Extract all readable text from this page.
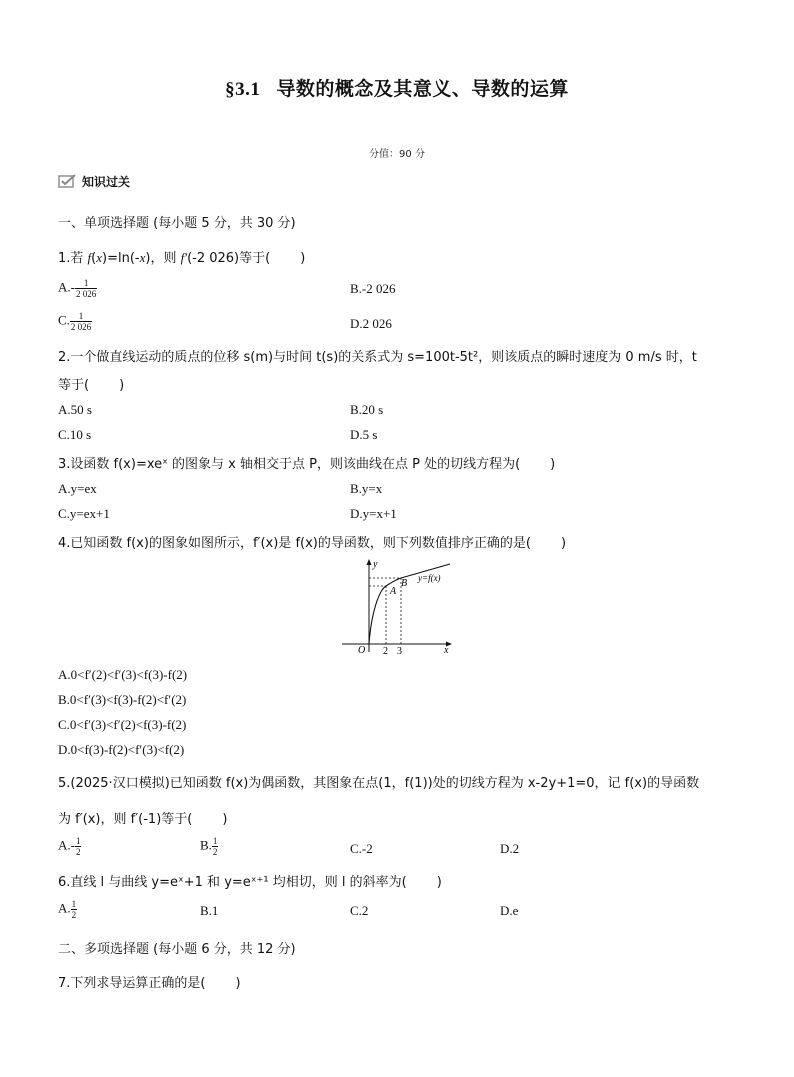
§3.1 导数的概念及其意义、导数的运算
分值：90 分
知识过关
一、单项选择题 (每小题 5 分，共 30 分)
1.若 f(x)=ln(-x)，则 f′(-2 026)等于( )
$A.- \frac{1}{2 026}$	B.-2 026
C. $\frac{1}{2 026}$	D.2 026
2.一个做直线运动的质点的位移 s(m)与时间 t(s)的关系式为 s=100t-5t²，则该质点的瞬时速度为 0 m/s 时，t
等于( )
A.50 s	B.20 s
C.10 s	D.5 s
3.设函数 f(x)=xeˣ 的图象与 x 轴相交于点 P，则该曲线在点 P 处的切线方程为( )
A.y=ex	B.y=x
C.y=ex+1	D.y=x+1
4.已知函数 f(x)的图象如图所示，f′(x)是 f(x)的导函数，则下列数值排序正确的是( )
y
x
O 2 3
A
B y=f(x)
A.0<f′(2)<f′(3)<f(3)-f(2)
B.0<f′(3)<f(3)-f(2)<f′(2)
C.0<f′(3)<f′(2)<f(3)-f(2)
D.0<f(3)-f(2)<f′(3)<f(2)
5.(2025·汉口模拟)已知函数 f(x)为偶函数，其图象在点(1，f(1))处的切线方程为 x-2y+1=0，记 f(x)的导函数
为 f′(x)，则 f′(-1)等于( )
$A.- \frac{1}{2}$	B. $\frac{1}{2}$	C.-2	D.2
6.直线 l 与曲线 y=eˣ+1 和 y=eˣ⁺¹ 均相切，则 l 的斜率为( )
A. $\frac{1}{2}$	B.1	C.2	D.e
二、多项选择题 (每小题 6 分，共 12 分)
7.下列求导运算正确的是( )
